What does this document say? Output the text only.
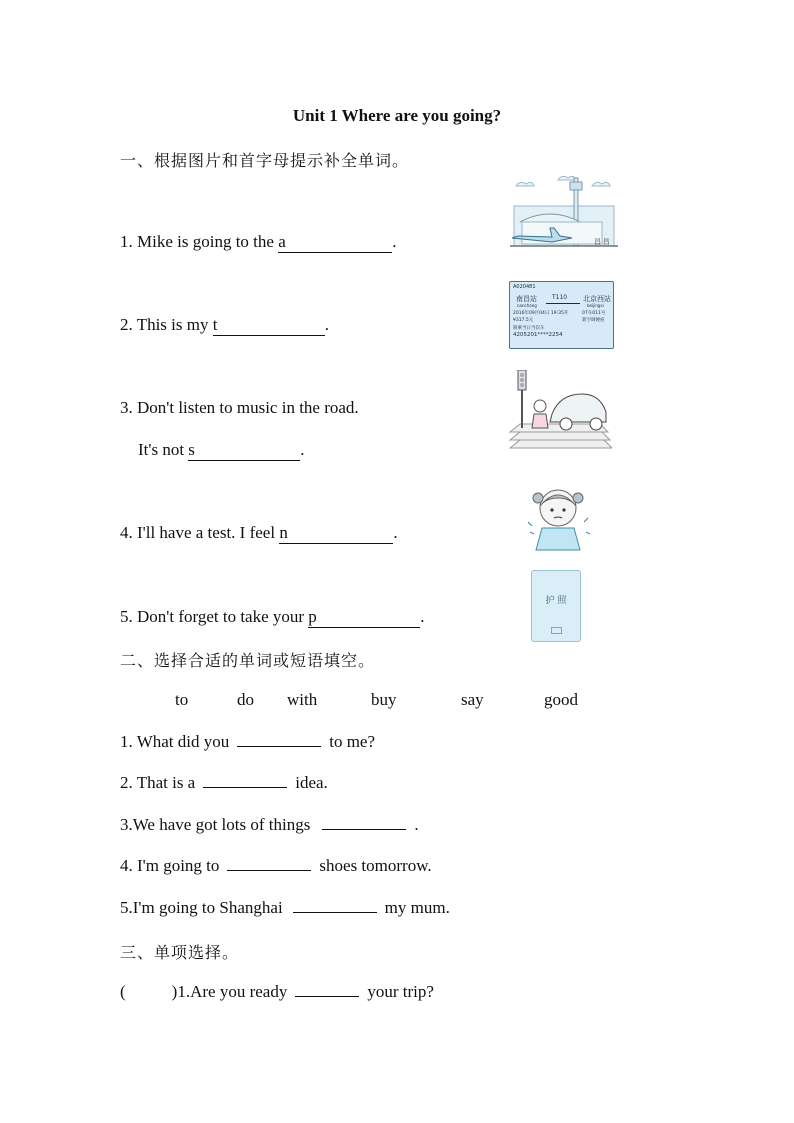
Unit 1 Where are you going?
一、根据图片和首字母提示补全单词。
1. Mike is going to the a	.
2. This is my t	.
3. Don't listen to music in the road.
It's not s	.
4. I'll have a test. I feel n	.
5. Don't forget to take your p	.
昌 昌
A020481
南昌站
nanchang
T110 北京西站
beijingxi
2016年09月04日 19:35开	07车011号
¥317.5元	新空调硬座
限乘当日当次车
4205201****2254
护 照
二、选择合适的单词或短语填空。
to	do with	buy	say	good
1. What did you	to me?
2. That is a	idea.
3.We have got lots of things	.
4. I'm going to	shoes tomorrow.
5.I'm going to Shanghai	my mum.
三、单项选择。
(	)1.Are you ready	your trip?
